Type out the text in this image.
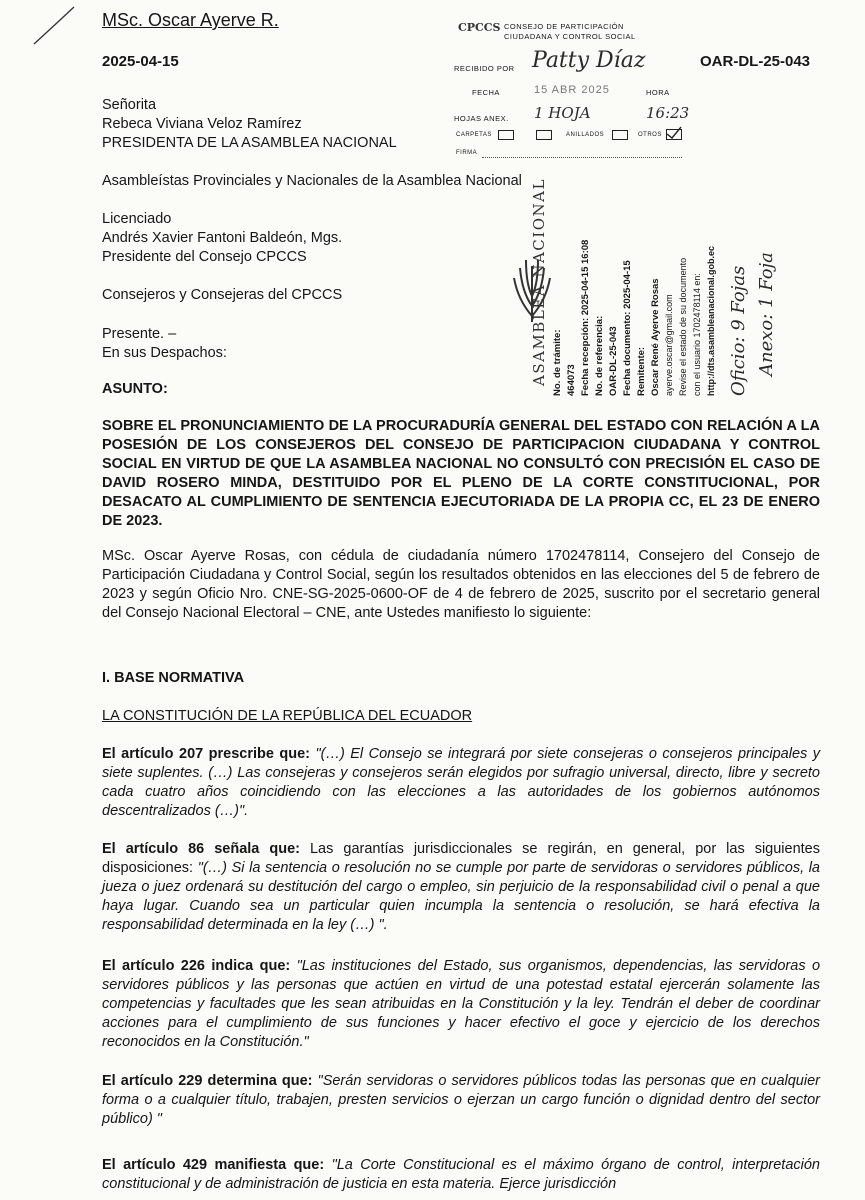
MSc. Oscar Ayerve R.
2025-04-15	OAR-DL-25-043
CPCCS CONSEJO DE PARTICIPACIÓN
CIUDADANA Y CONTROL SOCIAL
RECIBIDO POR Patty Díaz
FECHA	15 ABR 2025	HORA
HOJAS ANEX. 1 HOJA	16:23
CARPETAS	ANILLADOS	OTROS
FIRMA
Señorita
Rebeca Viviana Veloz Ramírez
PRESIDENTA DE LA ASAMBLEA NACIONAL
Asambleístas Provinciales y Nacionales de la Asamblea Nacional
Licenciado
Andrés Xavier Fantoni Baldeón, Mgs.
Presidente del Consejo CPCCS
Consejeros y Consejeras del CPCCS
Presente. –
En sus Despachos:
ASUNTO:
ASAMBLEA NACIONAL No. de trámite: 464073 Fecha recepción: 2025-04-15 16:08 No. de referencia: OAR-DL-25-043 Fecha documento: 2025-04-15 Remitente: Oscar René Ayerve Rosas ayerve.oscar@gmail.com Revise el estado de su documento con el usuario 1702478114 en: http://dts.asambleanacional.gob.ec Oficio: 9 Fojas Anexo: 1 Foja
SOBRE EL PRONUNCIAMIENTO DE LA PROCURADURÍA GENERAL DEL ESTADO CON RELACIÓN A LA POSESIÓN DE LOS CONSEJEROS DEL CONSEJO DE PARTICIPACION CIUDADANA Y CONTROL SOCIAL EN VIRTUD DE QUE LA ASAMBLEA NACIONAL NO CONSULTÓ CON PRECISIÓN EL CASO DE DAVID ROSERO MINDA, DESTITUIDO POR EL PLENO DE LA CORTE CONSTITUCIONAL, POR DESACATO AL CUMPLIMIENTO DE SENTENCIA EJECUTORIADA DE LA PROPIA CC, EL 23 DE ENERO DE 2023.
MSc. Oscar Ayerve Rosas, con cédula de ciudadanía número 1702478114, Consejero del Consejo de Participación Ciudadana y Control Social, según los resultados obtenidos en las elecciones del 5 de febrero de 2023 y según Oficio Nro. CNE-SG-2025-0600-OF de 4 de febrero de 2025, suscrito por el secretario general del Consejo Nacional Electoral – CNE, ante Ustedes manifiesto lo siguiente:
I. BASE NORMATIVA
LA CONSTITUCIÓN DE LA REPÚBLICA DEL ECUADOR
El artículo 207 prescribe que: "(…) El Consejo se integrará por siete consejeras o consejeros principales y siete suplentes. (…) Las consejeras y consejeros serán elegidos por sufragio universal, directo, libre y secreto cada cuatro años coincidiendo con las elecciones a las autoridades de los gobiernos autónomos descentralizados (…)".
El artículo 86 señala que: Las garantías jurisdiccionales se regirán, en general, por las siguientes disposiciones: "(…) Si la sentencia o resolución no se cumple por parte de servidoras o servidores públicos, la jueza o juez ordenará su destitución del cargo o empleo, sin perjuicio de la responsabilidad civil o penal a que haya lugar. Cuando sea un particular quien incumpla la sentencia o resolución, se hará efectiva la responsabilidad determinada en la ley (…) ".
El artículo 226 indica que: "Las instituciones del Estado, sus organismos, dependencias, las servidoras o servidores públicos y las personas que actúen en virtud de una potestad estatal ejercerán solamente las competencias y facultades que les sean atribuidas en la Constitución y la ley. Tendrán el deber de coordinar acciones para el cumplimiento de sus funciones y hacer efectivo el goce y ejercicio de los derechos reconocidos en la Constitución."
El artículo 229 determina que: "Serán servidoras o servidores públicos todas las personas que en cualquier forma o a cualquier título, trabajen, presten servicios o ejerzan un cargo función o dignidad dentro del sector público) "
El artículo 429 manifiesta que: "La Corte Constitucional es el máximo órgano de control, interpretación constitucional y de administración de justicia en esta materia. Ejerce jurisdicción
